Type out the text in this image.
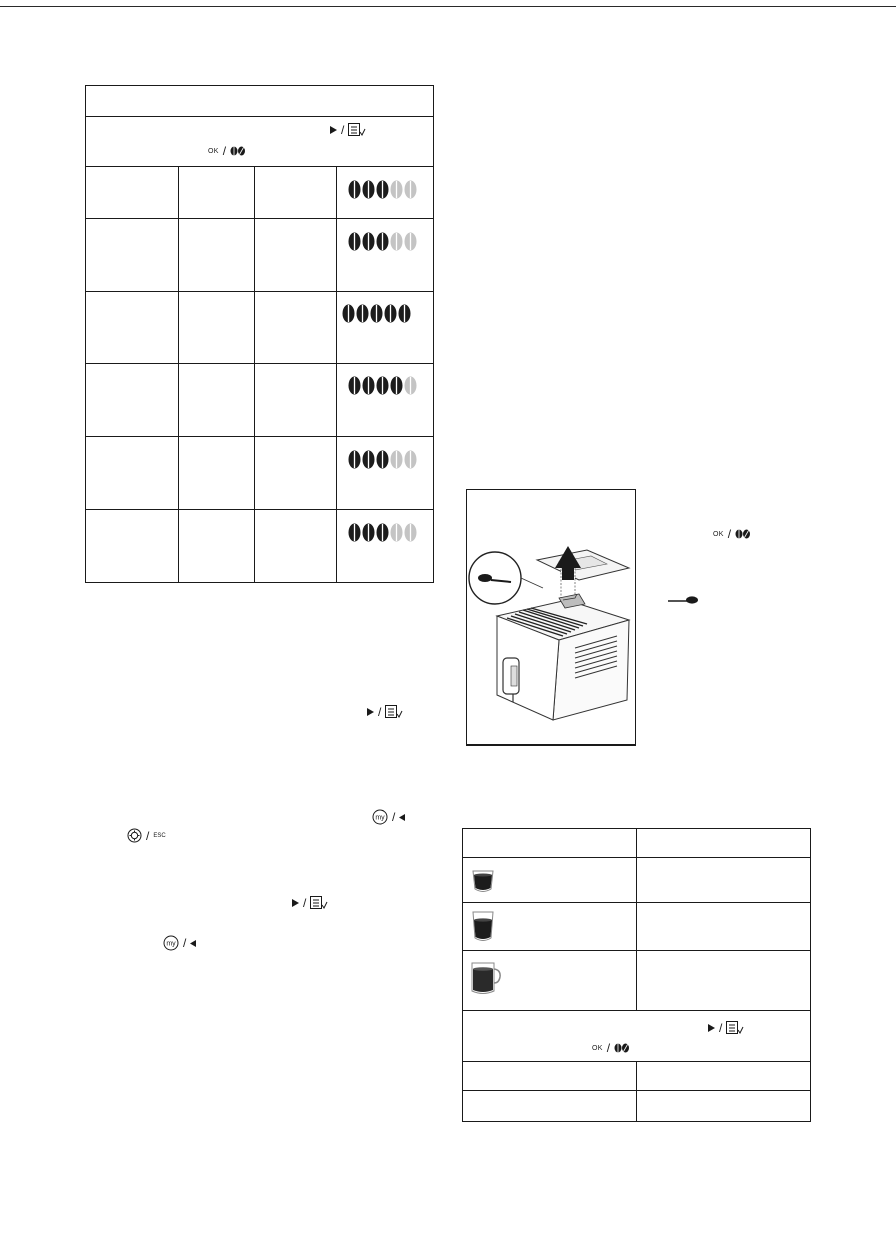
/
OK /
/
my /
/ ESC
/
my /
OK /
/
OK /
